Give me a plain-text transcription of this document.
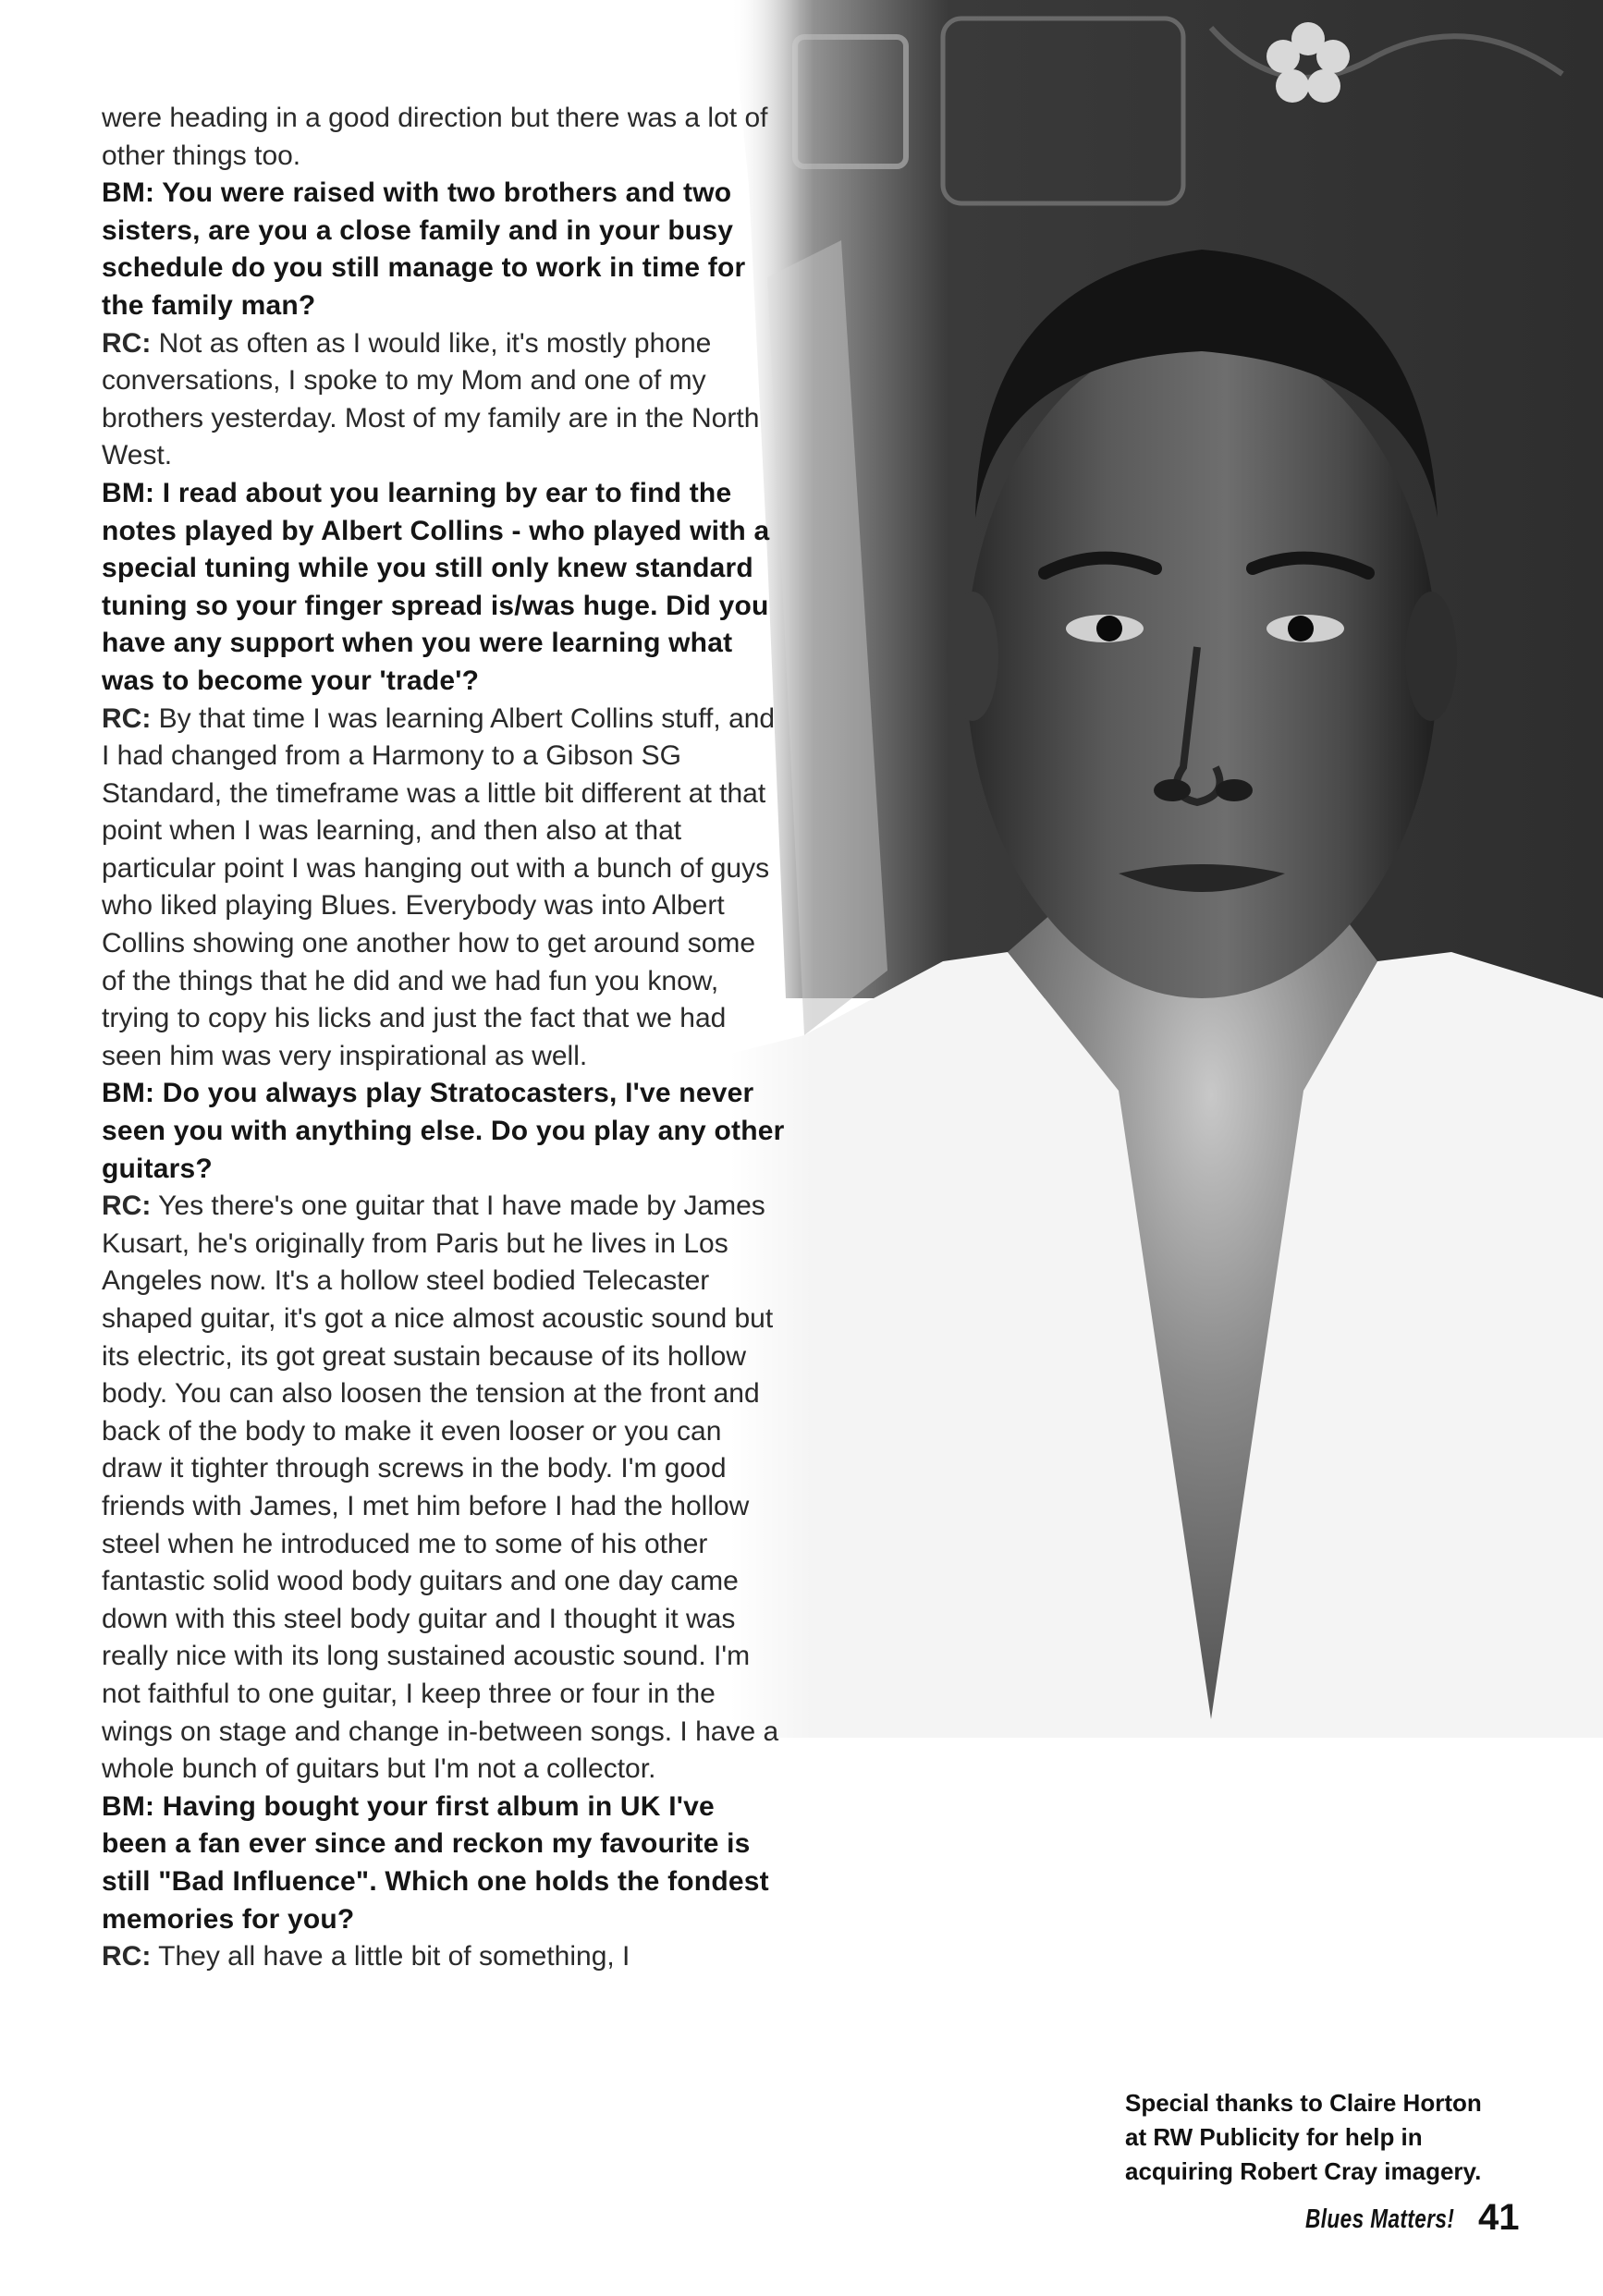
were heading in a good direction but there was a lot of other things too.

BM: You were raised with two brothers and two sisters, are you a close family and in your busy schedule do you still manage to work in time for the family man?

RC: Not as often as I would like, it's mostly phone conversations, I spoke to my Mom and one of my brothers yesterday. Most of my family are in the North West.

BM: I read about you learning by ear to find the notes played by Albert Collins - who played with a special tuning while you still only knew standard tuning so your finger spread is/was huge. Did you have any support when you were learning what was to become your 'trade'?

RC: By that time I was learning Albert Collins stuff, and I had changed from a Harmony to a Gibson SG Standard, the timeframe was a little bit different at that point when I was learning, and then also at that particular point I was hanging out with a bunch of guys who liked playing Blues. Everybody was into Albert Collins showing one another how to get around some of the things that he did and we had fun you know, trying to copy his licks and just the fact that we had seen him was very inspirational as well.

BM: Do you always play Stratocasters, I've never seen you with anything else. Do you play any other guitars?

RC: Yes there's one guitar that I have made by James Kusart, he's originally from Paris but he lives in Los Angeles now. It's a hollow steel bodied Telecaster shaped guitar, it's got a nice almost acoustic sound but its electric, its got great sustain because of its hollow body. You can also loosen the tension at the front and back of the body to make it even looser or you can draw it tighter through screws in the body. I'm good friends with James, I met him before I had the hollow steel when he introduced me to some of his other fantastic solid wood body guitars and one day came down with this steel body guitar and I thought it was really nice with its long sustained acoustic sound. I'm not faithful to one guitar, I keep three or four in the wings on stage and change in-between songs. I have a whole bunch of guitars but I'm not a collector.

BM: Having bought your first album in UK I've been a fan ever since and reckon my favourite is still "Bad Influence". Which one holds the fondest memories for you?

RC: They all have a little bit of something, I

Special thanks to Claire Horton
at RW Publicity for help in
acquiring Robert Cray imagery.
Blues Matters! 41
